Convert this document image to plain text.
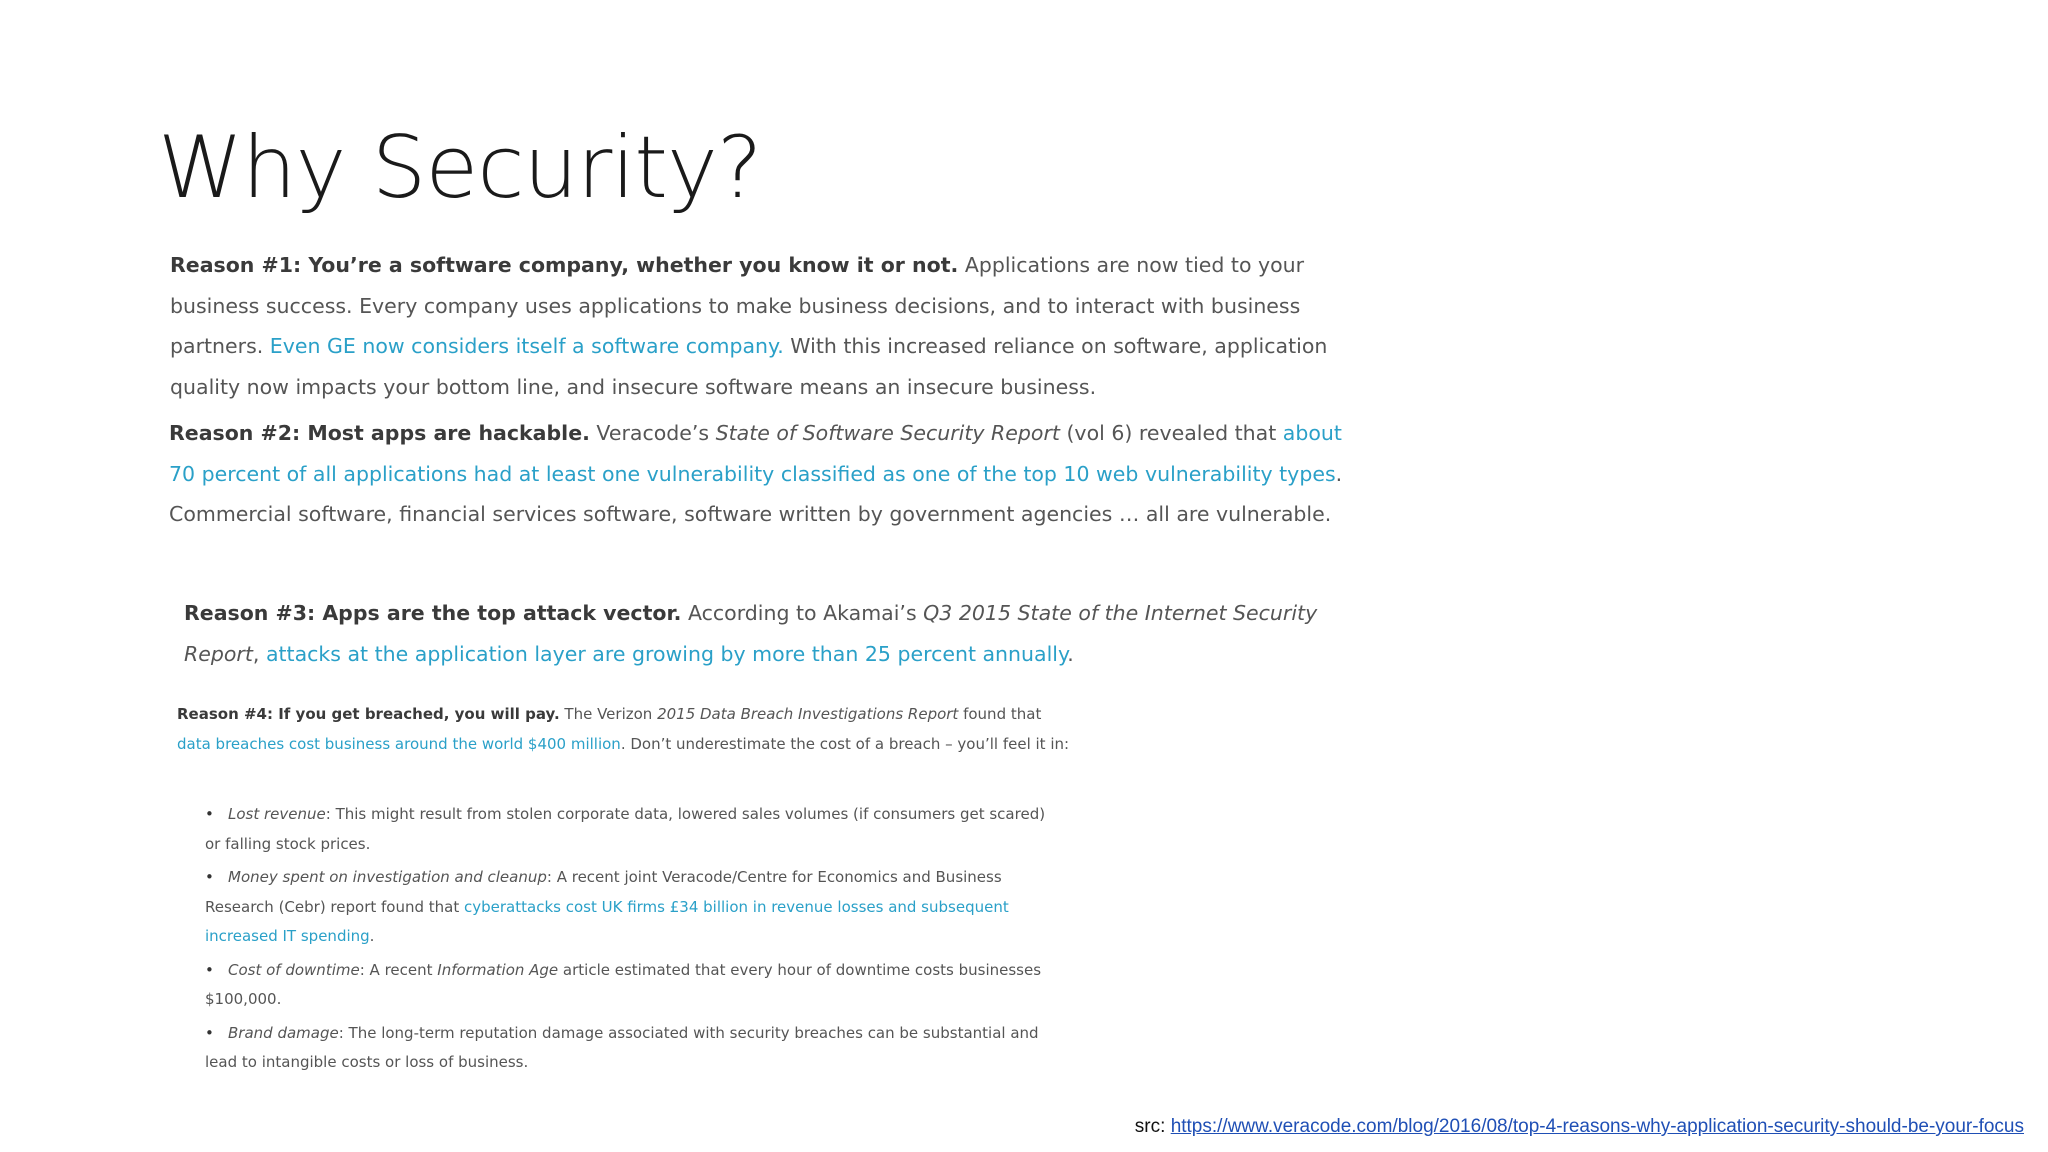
Why Security?
Reason #1: You’re a software company, whether you know it or not. Applications are now tied to your business success. Every company uses applications to make business decisions, and to interact with business partners. Even GE now considers itself a software company. With this increased reliance on software, application quality now impacts your bottom line, and insecure software means an insecure business.
Reason #2: Most apps are hackable. Veracode’s State of Software Security Report (vol 6) revealed that about 70 percent of all applications had at least one vulnerability classified as one of the top 10 web vulnerability types. Commercial software, financial services software, software written by government agencies … all are vulnerable.
Reason #3: Apps are the top attack vector. According to Akamai’s Q3 2015 State of the Internet Security Report, attacks at the application layer are growing by more than 25 percent annually.
Reason #4: If you get breached, you will pay. The Verizon 2015 Data Breach Investigations Report found that data breaches cost business around the world $400 million. Don’t underestimate the cost of a breach – you’ll feel it in:
• Lost revenue: This might result from stolen corporate data, lowered sales volumes (if consumers get scared) or falling stock prices.
• Money spent on investigation and cleanup: A recent joint Veracode/Centre for Economics and Business Research (Cebr) report found that cyberattacks cost UK firms £34 billion in revenue losses and subsequent increased IT spending.
• Cost of downtime: A recent Information Age article estimated that every hour of downtime costs businesses $100,000.
• Brand damage: The long-term reputation damage associated with security breaches can be substantial and lead to intangible costs or loss of business.
src: https://www.veracode.com/blog/2016/08/top-4-reasons-why-application-security-should-be-your-focus
